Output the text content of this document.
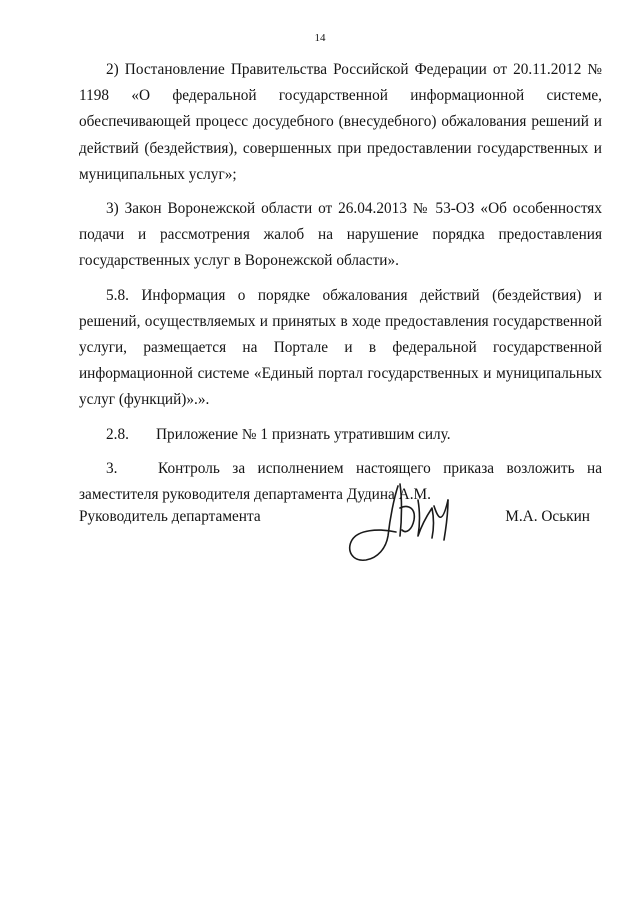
14

2) Постановление Правительства Российской Федерации от 20.11.2012 № 1198 «О федеральной государственной информационной системе, обеспечивающей процесс досудебного (внесудебного) обжалования решений и действий (бездействия), совершенных при предоставлении государственных и муниципальных услуг»;

3) Закон Воронежской области от 26.04.2013 № 53-ОЗ «Об особенностях подачи и рассмотрения жалоб на нарушение порядка предоставления государственных услуг в Воронежской области».

5.8. Информация о порядке обжалования действий (бездействия) и решений, осуществляемых и принятых в ходе предоставления государственной услуги, размещается на Портале и в федеральной государственной информационной системе «Единый портал государственных и муниципальных услуг (функций)».».

2.8. Приложение № 1 признать утратившим силу.

3.	Контроль за исполнением настоящего приказа возложить на заместителя руководителя департамента Дудина А.М.

Руководитель департамента	М.А. Оськин
